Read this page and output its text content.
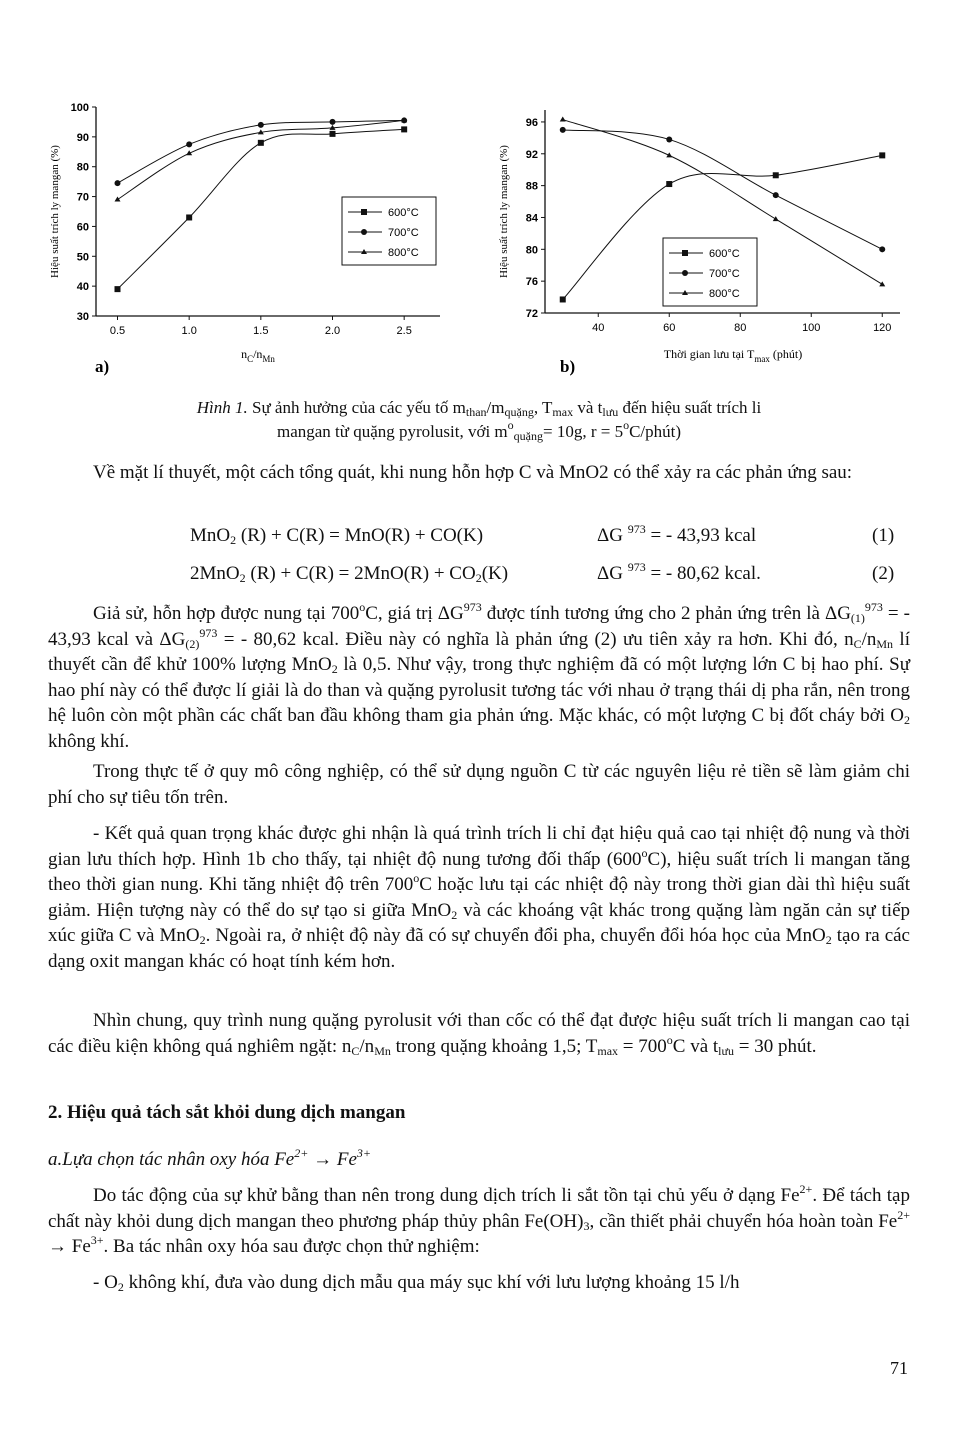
30
40
50
60
70
80
90
100
0.5	1.0	1.5	2.0	2.5
Hiệu suất trích ly mangan (%)
$n_C/n_{Mn}$
a)
600°C
700°C
800°C
72
76
80
84
88
92
96
40	60	80	100	120
Hiệu suất trích ly mangan (%)
Thời gian lưu tại $T_{max}$ (phút)
b)
600°C
700°C
800°C
Hình 1. Sự ảnh hưởng của các yếu tố $m_{than}/m_{quặng}$, $T_{max}$ và $t_{lưu}$ đến hiệu suất trích li
mangan từ quặng pyrolusit, với $m^o_{quặng}= 10g$, $r = 5^oC/phút$)
Về mặt lí thuyết, một cách tổng quát, khi nung hỗn hợp C và MnO2 có thể xảy ra các phản ứng sau:
MnO$_2$ (R) + C(R) = MnO(R) + CO(K)	ΔG $^{973}$ = - 43,93 kcal	(1)
2MnO$_2$ $(R) + C(R) = 2MnO(R) + CO_2(K)$	ΔG $^{973}$ = - 80,62 kcal.	(2)
Giả sử, hỗn hợp được nung tại 700$^o$C, giá trị ΔG$^{973}$ được tính tương ứng cho 2 phản ứng trên là $\Delta G_{(1)}^{973}$ = - 43,93 kcal và $\Delta G_{(2)}^{973}$ = - 80,62 kcal. Điều này có nghĩa là phản ứng (2) ưu tiên xảy ra hơn. Khi đó, $n_C/n_{Mn}$ lí thuyết cần để khử 100% lượng MnO$_2$ là 0,5. Như vậy, trong thực nghiệm đã có một lượng lớn C bị hao phí. Sự hao phí này có thể được lí giải là do than và quặng pyrolusit tương tác với nhau ở trạng thái dị pha rắn, nên trong hệ luôn còn một phần các chất ban đầu không tham gia phản ứng. Mặc khác, có một lượng C bị đốt cháy bởi $O_2$ không khí.
Trong thực tế ở quy mô công nghiệp, có thể sử dụng nguồn C từ các nguyên liệu rẻ tiền sẽ làm giảm chi phí cho sự tiêu tốn trên.
- Kết quả quan trọng khác được ghi nhận là quá trình trích li chỉ đạt hiệu quả cao tại nhiệt độ nung và thời gian lưu thích hợp. Hình 1b cho thấy, tại nhiệt độ nung tương đối thấp (600$^o$C), hiệu suất trích li mangan tăng theo thời gian nung. Khi tăng nhiệt độ trên 700$^o$C hoặc lưu tại các nhiệt độ này trong thời gian dài thì hiệu suất giảm. Hiện tượng này có thể do sự tạo si giữa MnO$_2$ và các khoáng vật khác trong quặng làm ngăn cản sự tiếp xúc giữa C và MnO$_2$. Ngoài ra, ở nhiệt độ này đã có sự chuyển đổi pha, chuyển đổi hóa học của MnO$_2$ tạo ra các dạng oxit mangan khác có hoạt tính kém hơn.
Nhìn chung, quy trình nung quặng pyrolusit với than cốc có thể đạt được hiệu suất trích li mangan cao tại các điều kiện không quá nghiêm ngặt: $n_C/n_{Mn}$ trong quặng khoảng 1,5; $T_{max} = 700^oC$ và $t_{lưu} = 30$ phút.
2. Hiệu quả tách sắt khỏi dung dịch mangan
a.Lựa chọn tác nhân oxy hóa $Fe^{2+} \to Fe^{3+}$
Do tác động của sự khử bằng than nên trong dung dịch trích li sắt tồn tại chủ yếu ở dạng $Fe^{2+}$. Để tách tạp chất này khỏi dung dịch mangan theo phương pháp thủy phân $Fe(OH)_3$, cần thiết phải chuyển hóa hoàn toàn $Fe^{2+} \to Fe^{3+}$. Ba tác nhân oxy hóa sau được chọn thử nghiệm:
- $O_2$ không khí, đưa vào dung dịch mẫu qua máy sục khí với lưu lượng khoảng 15 l/h
71
